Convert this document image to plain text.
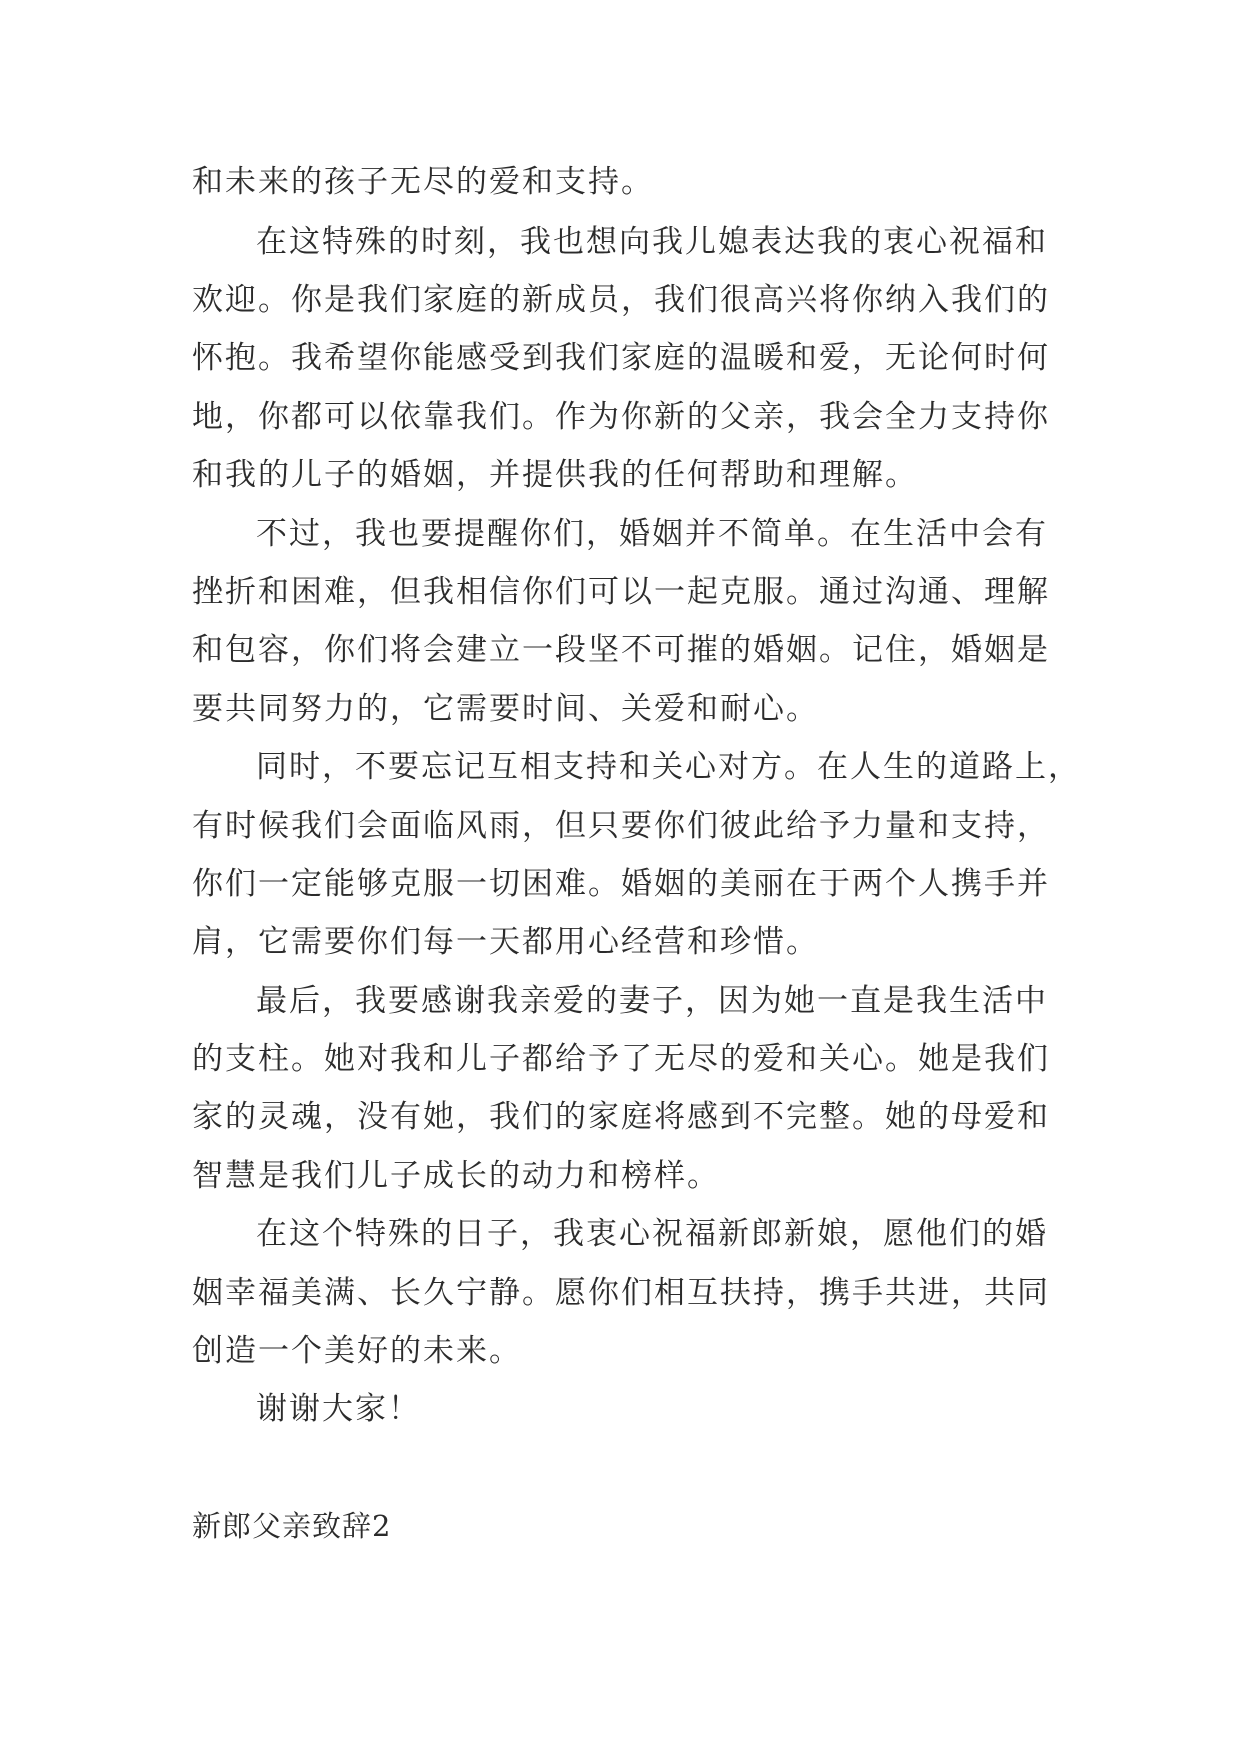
和未来的孩子无尽的爱和支持。
在这特殊的时刻，我也想向我儿媳表达我的衷心祝福和
欢迎。你是我们家庭的新成员，我们很高兴将你纳入我们的
怀抱。我希望你能感受到我们家庭的温暖和爱，无论何时何
地，你都可以依靠我们。作为你新的父亲，我会全力支持你
和我的儿子的婚姻，并提供我的任何帮助和理解。
不过，我也要提醒你们，婚姻并不简单。在生活中会有
挫折和困难，但我相信你们可以一起克服。通过沟通、理解
和包容，你们将会建立一段坚不可摧的婚姻。记住，婚姻是
要共同努力的，它需要时间、关爱和耐心。
同时，不要忘记互相支持和关心对方。在人生的道路上，
有时候我们会面临风雨，但只要你们彼此给予力量和支持，
你们一定能够克服一切困难。婚姻的美丽在于两个人携手并
肩，它需要你们每一天都用心经营和珍惜。
最后，我要感谢我亲爱的妻子，因为她一直是我生活中
的支柱。她对我和儿子都给予了无尽的爱和关心。她是我们
家的灵魂，没有她，我们的家庭将感到不完整。她的母爱和
智慧是我们儿子成长的动力和榜样。
在这个特殊的日子，我衷心祝福新郎新娘，愿他们的婚
姻幸福美满、长久宁静。愿你们相互扶持，携手共进，共同
创造一个美好的未来。
谢谢大家！
新郎父亲致辞2
